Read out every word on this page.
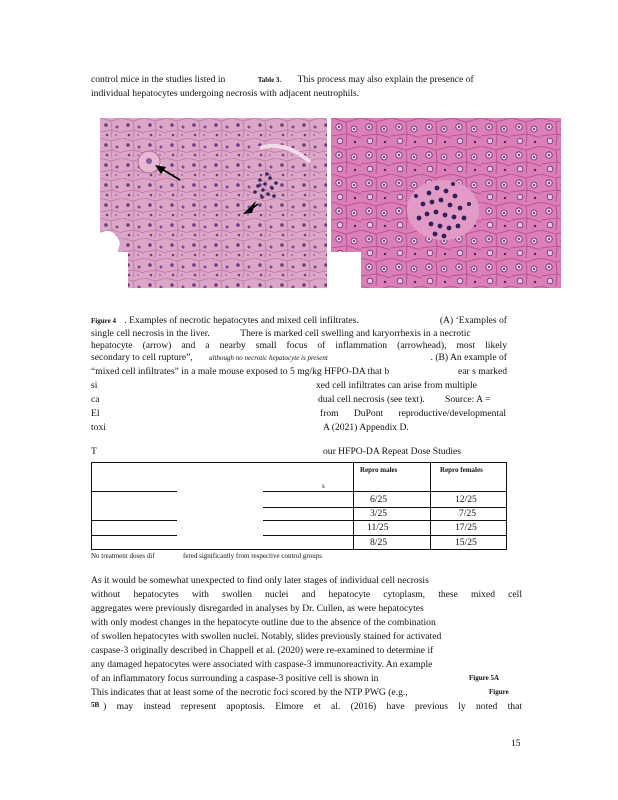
control mice in the studies listed in	Table 3. This process may also explain the presence of
individual hepatocytes undergoing necrosis with adjacent neutrophils.
Figure 4 . Examples of necrotic hepatocytes and mixed cell infiltrates.	(A) ‘Examples of
single cell necrosis in the liver.	There is marked cell swelling and karyorrhexis in a necrotic
hepatocyte (arrow) and a nearby small focus of inflammation (arrowhead), most likely
secondary to cell rupture”, although no necrotic hepatocyte is present	. (B) An example of
“mixed cell infiltrates” in a male mouse exposed to 5 mg/kg HFPO-DA that b	ear s marked
si	xed cell infiltrates can arise from multiple
ca	dual cell necrosis (see text). Source: A =
El	from DuPont reproductive/developmental
toxi	A (2021) Appendix D.
T	our HFPO-DA Repeat Dose Studies
Repro males	Repro females
s
6/25	12/25
3/25	7/25
11/25	17/25
8/25	15/25
No treatment doses dif	fered significantly from respective control groups
As it would be somewhat unexpected to find only later stages of individual cell necrosis
without hepatocytes with swollen nuclei and hepatocyte cytoplasm, these mixed cell
aggregates were previously disregarded in analyses by Dr. Cullen, as were hepatocytes
with only modest changes in the hepatocyte outline due to the absence of the combination
of swollen hepatocytes with swollen nuclei. Notably, slides previously stained for activated
caspase-3 originally described in Chappell et al. (2020) were re-examined to determine if
any damaged hepatocytes were associated with caspase-3 immunoreactivity. An example
of an inflammatory focus surrounding a caspase-3 positive cell is shown in	Figure 5A
This indicates that at least some of the necrotic foci scored by the NTP PWG (e.g.,	Figure
5B ) may instead represent apoptosis. Elmore et al. (2016) have previous ly noted that
15
